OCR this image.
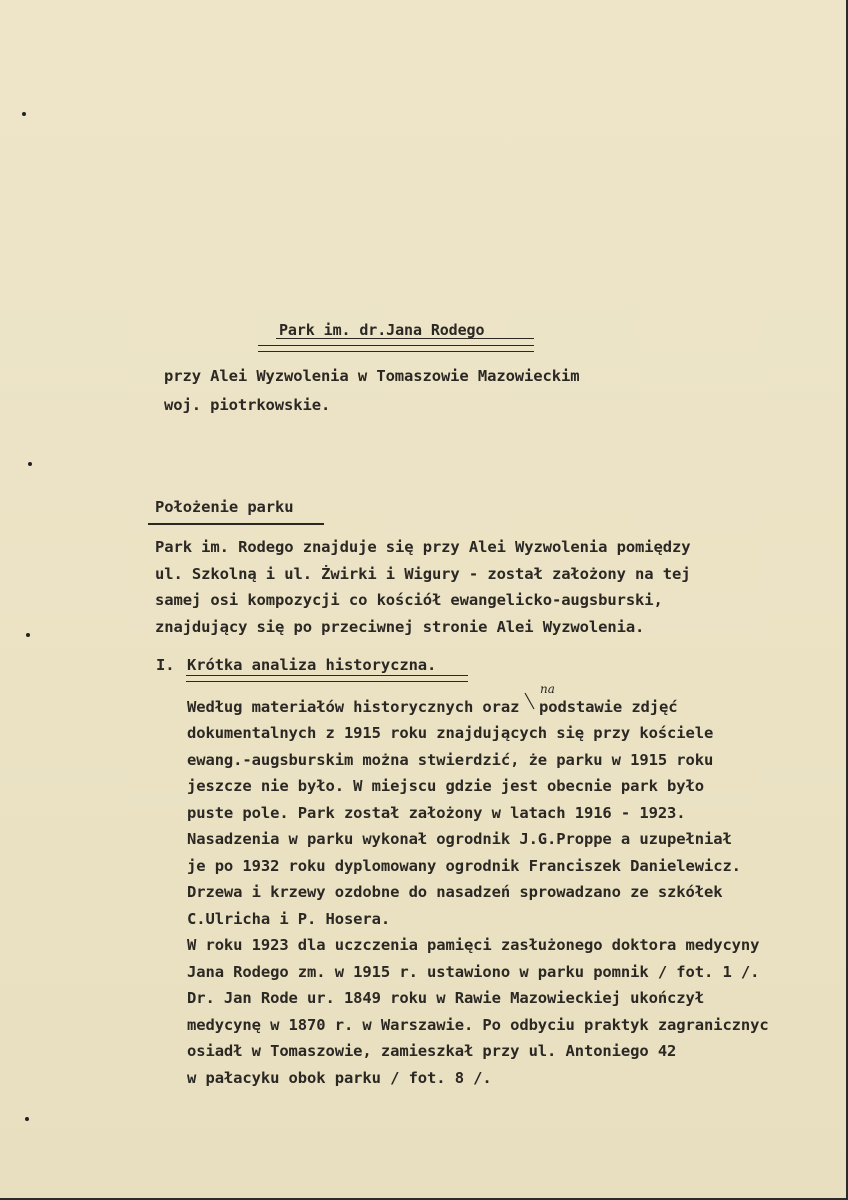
Park im. dr.Jana Rodego
przy Alei Wyzwolenia w Tomaszowie Mazowieckim
woj. piotrkowskie.
Położenie parku
Park im. Rodego znajduje się przy Alei Wyzwolenia pomiędzy
ul. Szkolną i ul. Żwirki i Wigury - został założony na tej
samej osi kompozycji co kościół ewangelicko-augsburski,
znajdujący się po przeciwnej stronie Alei Wyzwolenia.
I. Krótka analiza historyczna.
Według materiałów historycznych oraz
na
podstawie zdjęć
dokumentalnych z 1915 roku znajdujących się przy kościele
ewang.-augsburskim można stwierdzić, że parku w 1915 roku
jeszcze nie było. W miejscu gdzie jest obecnie park było
puste pole. Park został założony w latach 1916 - 1923.
Nasadzenia w parku wykonał ogrodnik J.G.Proppe a uzupełniał
je po 1932 roku dyplomowany ogrodnik Franciszek Danielewicz.
Drzewa i krzewy ozdobne do nasadzeń sprowadzano ze szkółek
C.Ulricha i P. Hosera.
W roku 1923 dla uczczenia pamięci zasłużonego doktora medycyny
Jana Rodego zm. w 1915 r. ustawiono w parku pomnik / fot. 1 /.
Dr. Jan Rode ur. 1849 roku w Rawie Mazowieckiej ukończył
medycynę w 1870 r. w Warszawie. Po odbyciu praktyk zagranicznyc
osiadł w Tomaszowie, zamieszkał przy ul. Antoniego 42
w pałacyku obok parku / fot. 8 /.
